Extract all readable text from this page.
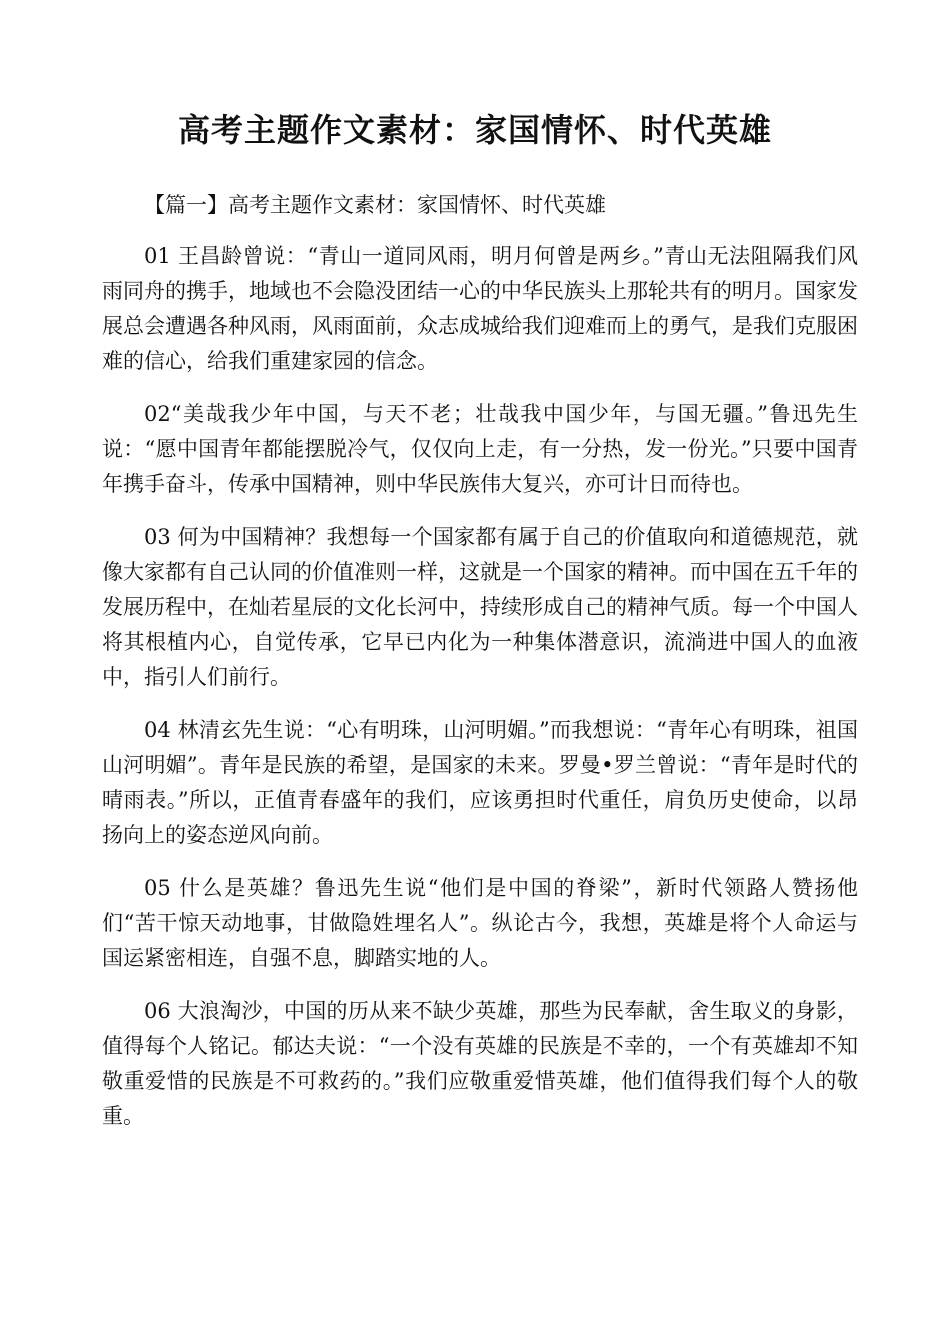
高考主题作文素材：家国情怀、时代英雄

【篇一】高考主题作文素材：家国情怀、时代英雄

01 王昌龄曾说：“青山一道同风雨，明月何曾是两乡。”青山无法阻隔我们风雨同舟的携手，地域也不会隐没团结一心的中华民族头上那轮共有的明月。国家发展总会遭遇各种风雨，风雨面前，众志成城给我们迎难而上的勇气，是我们克服困难的信心，给我们重建家园的信念。

02“美哉我少年中国，与天不老；壮哉我中国少年，与国无疆。”鲁迅先生说：“愿中国青年都能摆脱冷气，仅仅向上走，有一分热，发一份光。”只要中国青年携手奋斗，传承中国精神，则中华民族伟大复兴，亦可计日而待也。

03 何为中国精神？我想每一个国家都有属于自己的价值取向和道德规范，就像大家都有自己认同的价值准则一样，这就是一个国家的精神。而中国在五千年的发展历程中，在灿若星辰的文化长河中，持续形成自己的精神气质。每一个中国人将其根植内心，自觉传承，它早已内化为一种集体潜意识，流淌进中国人的血液中，指引人们前行。

04 林清玄先生说：“心有明珠，山河明媚。”而我想说：“青年心有明珠，祖国山河明媚”。青年是民族的希望，是国家的未来。罗曼•罗兰曾说：“青年是时代的晴雨表。”所以，正值青春盛年的我们，应该勇担时代重任，肩负历史使命，以昂扬向上的姿态逆风向前。

05 什么是英雄？鲁迅先生说“他们是中国的脊梁”，新时代领路人赞扬他们“苦干惊天动地事，甘做隐姓埋名人”。纵论古今，我想，英雄是将个人命运与国运紧密相连，自强不息，脚踏实地的人。

06 大浪淘沙，中国的历从来不缺少英雄，那些为民奉献，舍生取义的身影，值得每个人铭记。郁达夫说：“一个没有英雄的民族是不幸的，一个有英雄却不知敬重爱惜的民族是不可救药的。”我们应敬重爱惜英雄，他们值得我们每个人的敬重。
